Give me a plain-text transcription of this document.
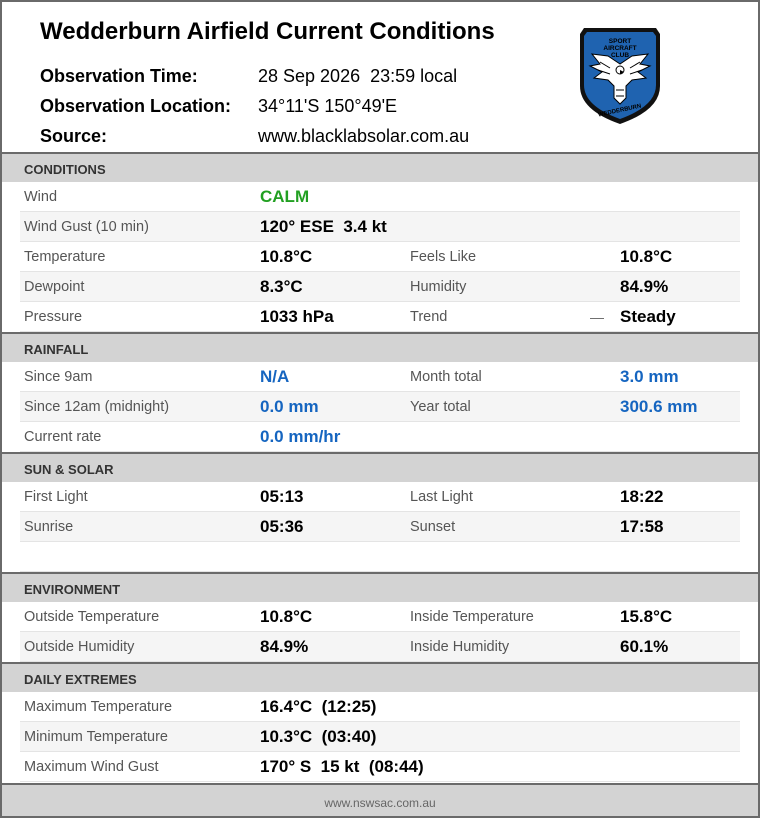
Wedderburn Airfield Current Conditions
Observation Time:	28 Sep 2026  23:59 local
Observation Location: 34°11'S 150°49'E
Source:	www.blacklabsolar.com.au
SPORT
AIRCRAFT
CLUB
WEDDERBURN
CONDITIONS
Wind	CALM
Wind Gust (10 min)	120° ESE  3.4 kt
Temperature	10.8°C	Feels Like	10.8°C
Dewpoint	8.3°C	Humidity	84.9%
Pressure	1033 hPa	Trend	— Steady
RAINFALL
Since 9am	N/A	Month total	3.0 mm
Since 12am (midnight)	0.0 mm	Year total	300.6 mm
Current rate	0.0 mm/hr
SUN & SOLAR
First Light	05:13	Last Light	18:22
Sunrise	05:36	Sunset	17:58
ENVIRONMENT
Outside Temperature	10.8°C	Inside Temperature	15.8°C
Outside Humidity	84.9%	Inside Humidity	60.1%
DAILY EXTREMES
Maximum Temperature	16.4°C  (12:25)
Minimum Temperature	10.3°C  (03:40)
Maximum Wind Gust	170° S  15 kt  (08:44)
www.nswsac.com.au
